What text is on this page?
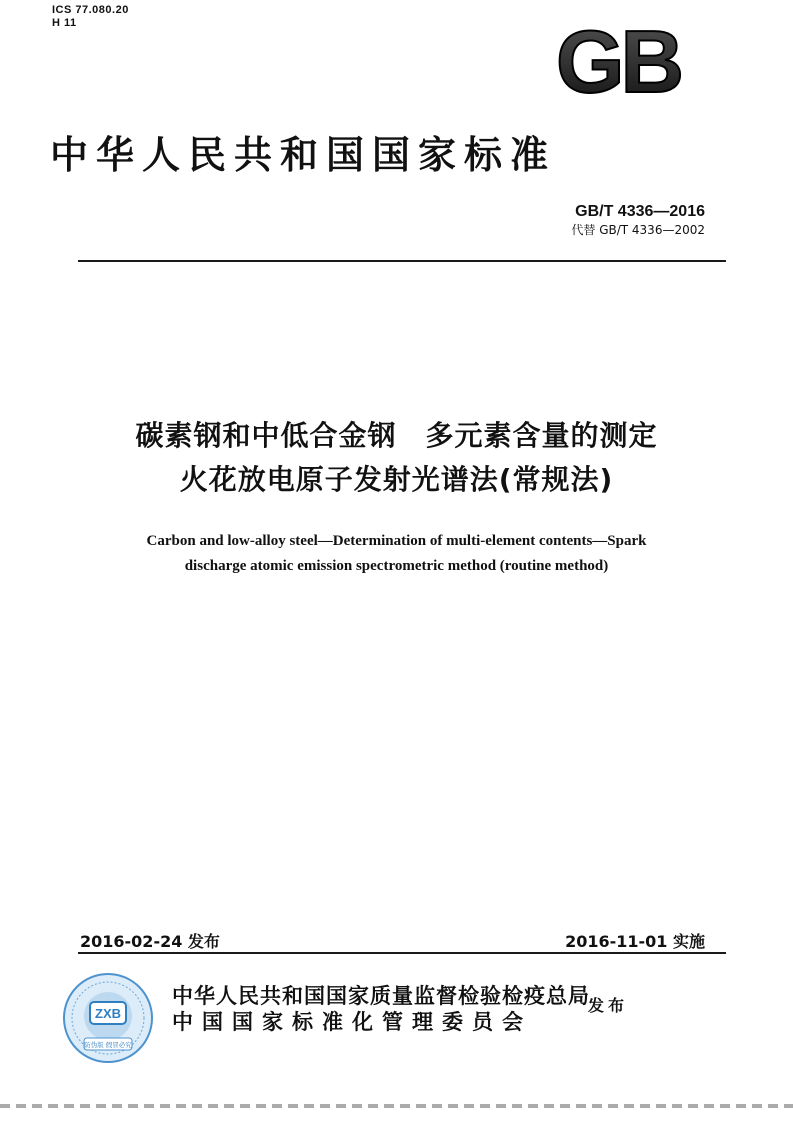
ICS 77.080.20
H 11	GB
中华人民共和国国家标准
GB/T 4336—2016
代替 GB/T 4336—2002
碳素钢和中低合金钢　多元素含量的测定
火花放电原子发射光谱法(常规法)
Carbon and low-alloy steel—Determination of multi-element contents—Spark
discharge atomic emission spectrometric method (routine method)
2016-02-24 发布	2016-11-01 实施
ZXB
防伪版 假冒必究
中华人民共和国国家质量监督检验检疫总局
中国国家标准化管理委员会
发布
